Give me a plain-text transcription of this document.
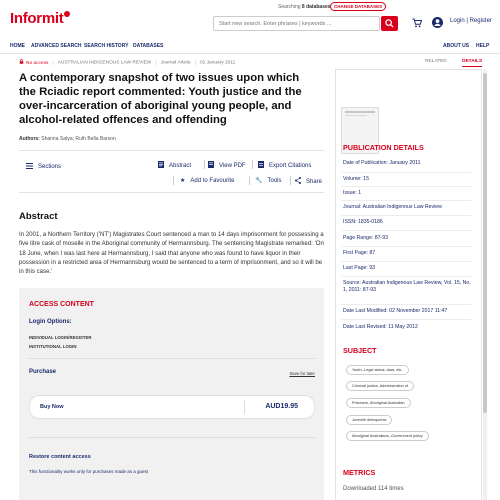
Informit
Searching 8 databases CHANGE DATABASES
Start new search. Enter phrases | keywords ...
Login | Register
HOME ADVANCED SEARCH SEARCH HISTORY DATABASES	ABOUT US HELP
No access | AUSTRALIAN INDIGENOUS LAW REVIEW | Journal Article | 01 January 2011
A contemporary snapshot of two issues upon which the Rciadic report commented: Youth justice and the over-incarceration of aboriginal young people, and alcohol-related offences and offending
Authors: Shanna Satya; Ruth Bella Barson
Sections	Abstract	View PDF	Export Citations
★ Add to Favourite	🔧 Tools	Share
Abstract

In 2001, a Northern Territory ('NT') Magistrates Court sentenced a man to 14 days imprisonment for possessing a five litre cask of moselle in the Aboriginal community of Hermannsburg. The sentencing Magistrate remarked: 'On 18 June, when I was last here at Hermannsburg, I said that anyone who was found to have liquor in their possession in a restricted area of Hermannsburg would be sentenced to a term of imprisonment, and so it will be in this case.'

ACCESS CONTENT
Login Options:
INDIVIDUAL LOGIN/REGISTER
INSTITUTIONAL LOGIN
Purchase	Save for later
Buy Now	AUD19.95
Restore content access
This functionality works only for purchases made as a guest
RELATED	DETAILS
PUBLICATION DETAILS
Date of Publication: January 2011
Volume: 15
Issue: 1
Journal: Australian Indigenous Law Review
ISSN: 1835-0186
Page Range: 87-93
First Page: 87
Last Page: 93
Source: Australian Indigenous Law Review, Vol. 15, No. 1, 2011: 87-93
Date Last Modified: 02 November 2017 11:47
Date Last Revised: 11 May 2012
SUBJECT
Youth--Legal status, laws, etc.
Criminal justice, Administration of
Prisoners, Aboriginal Australian
Juvenile delinquents
Aboriginal Australians--Government policy
METRICS
Downloaded 114 times
